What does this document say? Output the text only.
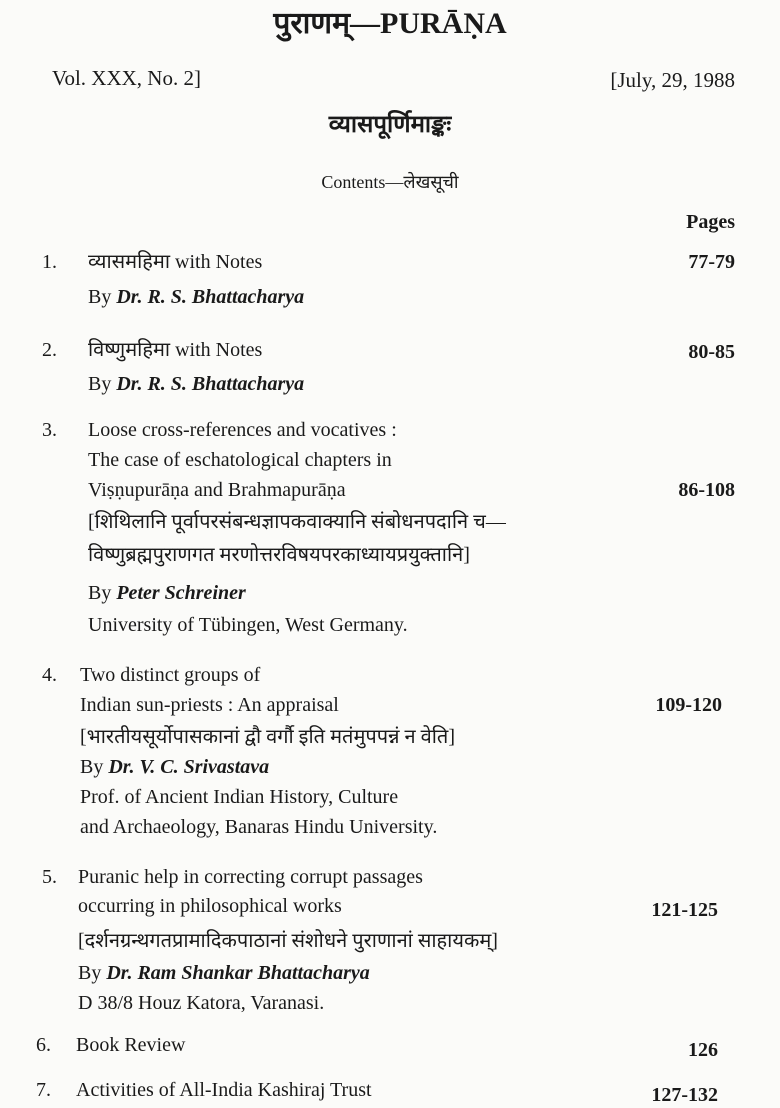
पुराणम्—PURĀṆA
Vol. XXX, No. 2]	[July, 29, 1988
व्यासपूर्णिमाङ्कः
Contents—लेखसूची
Pages
1. व्यासमहिमा with Notes
By Dr. R. S. Bhattacharya
77-79
2. विष्णुमहिमा with Notes
By Dr. R. S. Bhattacharya
80-85
3. Loose cross-references and vocatives :
The case of eschatological chapters in
Viṣṇupurāṇa and Brahmapurāṇa
[शिथिलानि पूर्वापरसंबन्धज्ञापकवाक्यानि संबोधनपदानि च—
विष्णुब्रह्मपुराणगत मरणोत्तरविषयपरकाध्यायप्रयुक्तानि]
By Peter Schreiner
University of Tübingen, West Germany.
86-108
4. Two distinct groups of
Indian sun-priests : An appraisal
[भारतीयसूर्योपासकानां द्वौ वर्गौ इति मतंमुपपन्नं न वेति]
By Dr. V. C. Srivastava
Prof. of Ancient Indian History, Culture
and Archaeology, Banaras Hindu University.
109-120
5. Puranic help in correcting corrupt passages
occurring in philosophical works
[दर्शनग्रन्थगतप्रामादिकपाठानां संशोधने पुराणानां साहायकम्]
By Dr. Ram Shankar Bhattacharya
D 38/8 Houz Katora, Varanasi.
121-125
6. Book Review	126
7. Activities of All-India Kashiraj Trust	127-132
